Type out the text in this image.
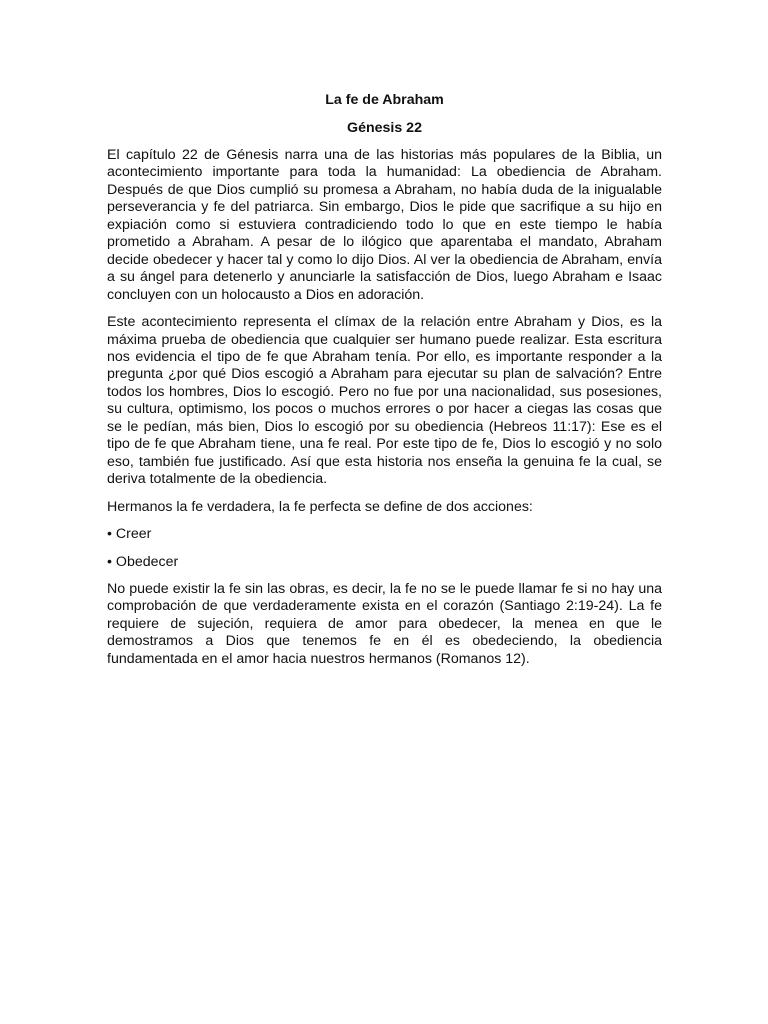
La fe de Abraham
Génesis 22

El capítulo 22 de Génesis narra una de las historias más populares de la Biblia, un acontecimiento importante para toda la humanidad: La obediencia de Abraham. Después de que Dios cumplió su promesa a Abraham, no había duda de la inigualable perseverancia y fe del patriarca. Sin embargo, Dios le pide que sacrifique a su hijo en expiación como si estuviera contradiciendo todo lo que en este tiempo le había prometido a Abraham. A pesar de lo ilógico que aparentaba el mandato, Abraham decide obedecer y hacer tal y como lo dijo Dios. Al ver la obediencia de Abraham, envía a su ángel para detenerlo y anunciarle la satisfacción de Dios, luego Abraham e Isaac concluyen con un holocausto a Dios en adoración.

Este acontecimiento representa el clímax de la relación entre Abraham y Dios, es la máxima prueba de obediencia que cualquier ser humano puede realizar. Esta escritura nos evidencia el tipo de fe que Abraham tenía. Por ello, es importante responder a la pregunta ¿por qué Dios escogió a Abraham para ejecutar su plan de salvación? Entre todos los hombres, Dios lo escogió. Pero no fue por una nacionalidad, sus posesiones, su cultura, optimismo, los pocos o muchos errores o por hacer a ciegas las cosas que se le pedían, más bien, Dios lo escogió por su obediencia (Hebreos 11:17): Ese es el tipo de fe que Abraham tiene, una fe real. Por este tipo de fe, Dios lo escogió y no solo eso, también fue justificado. Así que esta historia nos enseña la genuina fe la cual, se deriva totalmente de la obediencia.

Hermanos la fe verdadera, la fe perfecta se define de dos acciones:

• Creer
• Obedecer

No puede existir la fe sin las obras, es decir, la fe no se le puede llamar fe si no hay una comprobación de que verdaderamente exista en el corazón (Santiago 2:19-24). La fe requiere de sujeción, requiera de amor para obedecer, la menea en que le demostramos a Dios que tenemos fe en él es obedeciendo, la obediencia fundamentada en el amor hacia nuestros hermanos (Romanos 12).
